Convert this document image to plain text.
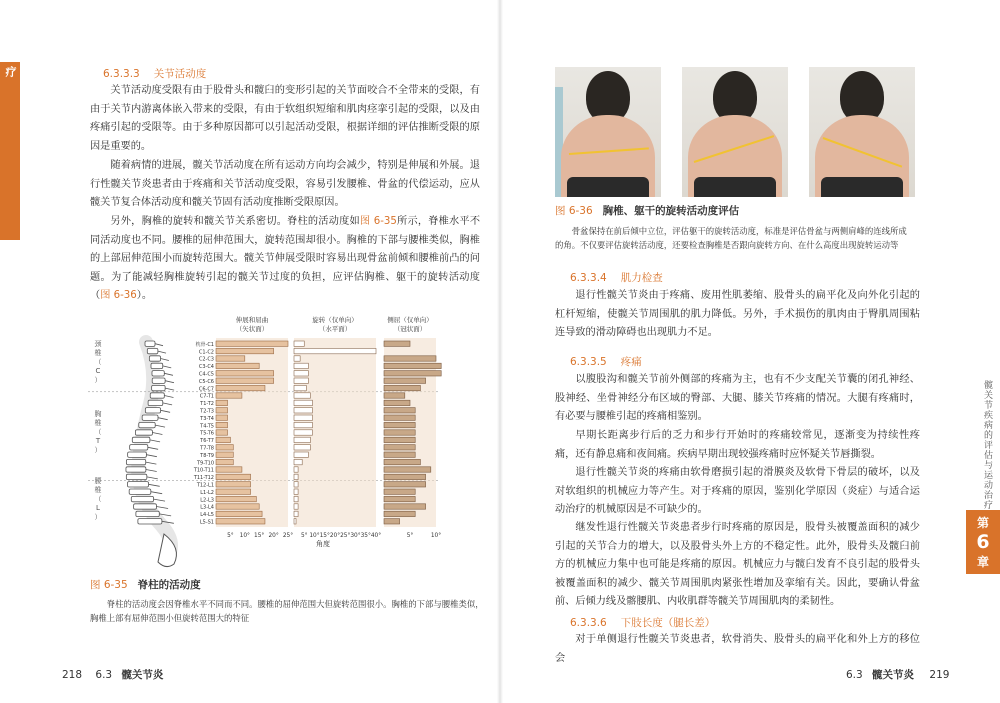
髋关节功能障碍评估和手法治疗	6.3.3.3 关节活动度
关节活动度受限有由于股骨头和髋臼的变形引起的关节面咬合不全带来的受限，有由于关节内游离体嵌入带来的受限，有由于软组织短缩和肌肉痉挛引起的受限，以及由疼痛引起的受限等。由于多种原因都可以引起活动受限，根据详细的评估推断受限的原因是重要的。
随着病情的进展，髋关节活动度在所有运动方向均会减少，特别是伸展和外展。退行性髋关节炎患者由于疼痛和关节活动度受限，容易引发腰椎、骨盆的代偿运动，应从髋关节复合体活动度和髋关节固有活动度推断受限原因。
另外，胸椎的旋转和髋关节关系密切。脊柱的活动度如图 6-35所示，脊椎水平不同活动度也不同。腰椎的屈伸范围大，旋转范围却很小。胸椎的下部与腰椎类似，胸椎的上部屈伸范围小而旋转范围大。髋关节伸展受限时容易出现骨盆前倾和腰椎前凸的问题。为了能减轻胸椎旋转引起的髋关节过度的负担，应评估胸椎、躯干的旋转活动度（图 6-36）。
颈
椎
（
C
）
胸
椎
（
T
）
腰
椎
（
L
）
枕骨-C1
C1-C2
C2-C3
C3-C4
C4-C5
C5-C6
C6-C7
C7-T1
T1-T2
T2-T3
T3-T4
T4-T5
T5-T6
T6-T7
T7-T8
T8-T9
T9-T10
T10-T11
T11-T12
T12-L1
L1-L2
L2-L3
L3-L4
L4-L5
L5-S1
伸展和屈曲
（矢状面）
旋转（仅单向）
（水平面）
侧屈（仅单向）
（冠状面）
5° 10° 15° 20° 25° 5° 10° 15° 20° 25° 30° 35° 40°	5°	10°
角度
图 6-35 脊柱的活动度
脊柱的活动度会因脊椎水平不同而不同。腰椎的屈伸范围大但旋转范围很小。胸椎的下部与腰椎类似，胸椎上部有屈伸范围小但旋转范围大的特征
218 6.3 髋关节炎
图 6-36 胸椎、躯干的旋转活动度评估
骨盆保持在前后倾中立位，评估躯干的旋转活动度，标准是评估骨盆与两侧肩峰的连线所成的角。不仅要评估旋转活动度，还要检查胸椎是否跟向旋转方向、在什么高度出现旋转运动等
6.3.3.4 肌力检查
退行性髋关节炎由于疼痛、废用性肌萎缩、股骨头的扁平化及向外化引起的杠杆短缩，使髋关节周围肌的肌力降低。另外，手术损伤的肌肉由于臀肌周围粘连导致的滑动障碍也出现肌力不足。
6.3.3.5 疼痛
以腹股沟和髋关节前外侧部的疼痛为主，也有不少支配关节囊的闭孔神经、股神经、坐骨神经分布区域的臀部、大腿、膝关节疼痛的情况。大腿有疼痛时，有必要与腰椎引起的疼痛相鉴别。
早期长距离步行后的乏力和步行开始时的疼痛较常见，逐渐变为持续性疼痛，还有静息痛和夜间痛。疾病早期出现较强疼痛时应怀疑关节唇撕裂。
退行性髋关节炎的疼痛由软骨磨损引起的滑膜炎及软骨下骨层的破坏，以及对软组织的机械应力等产生。对于疼痛的原因，鉴别化学原因（炎症）与适合运动治疗的机械原因是不可缺少的。
继发性退行性髋关节炎患者步行时疼痛的原因是，股骨头被覆盖面积的减少引起的关节合力的增大，以及股骨头外上方的不稳定性。此外，股骨头及髋臼前方的机械应力集中也可能是疼痛的原因。机械应力与髋臼发育不良引起的股骨头被覆盖面积的减少、髋关节周围肌肉紧张性增加及挛缩有关。因此，要确认骨盆前、后倾力线及髂腰肌、内收肌群等髋关节周围肌肉的柔韧性。
6.3.3.6 下肢长度（腿长差）
对于单侧退行性髋关节炎患者，软骨消失、股骨头的扁平化和外上方的移位会
髋关节疾病的评估与运动治疗
第
6
章
6.3 髋关节炎 219
